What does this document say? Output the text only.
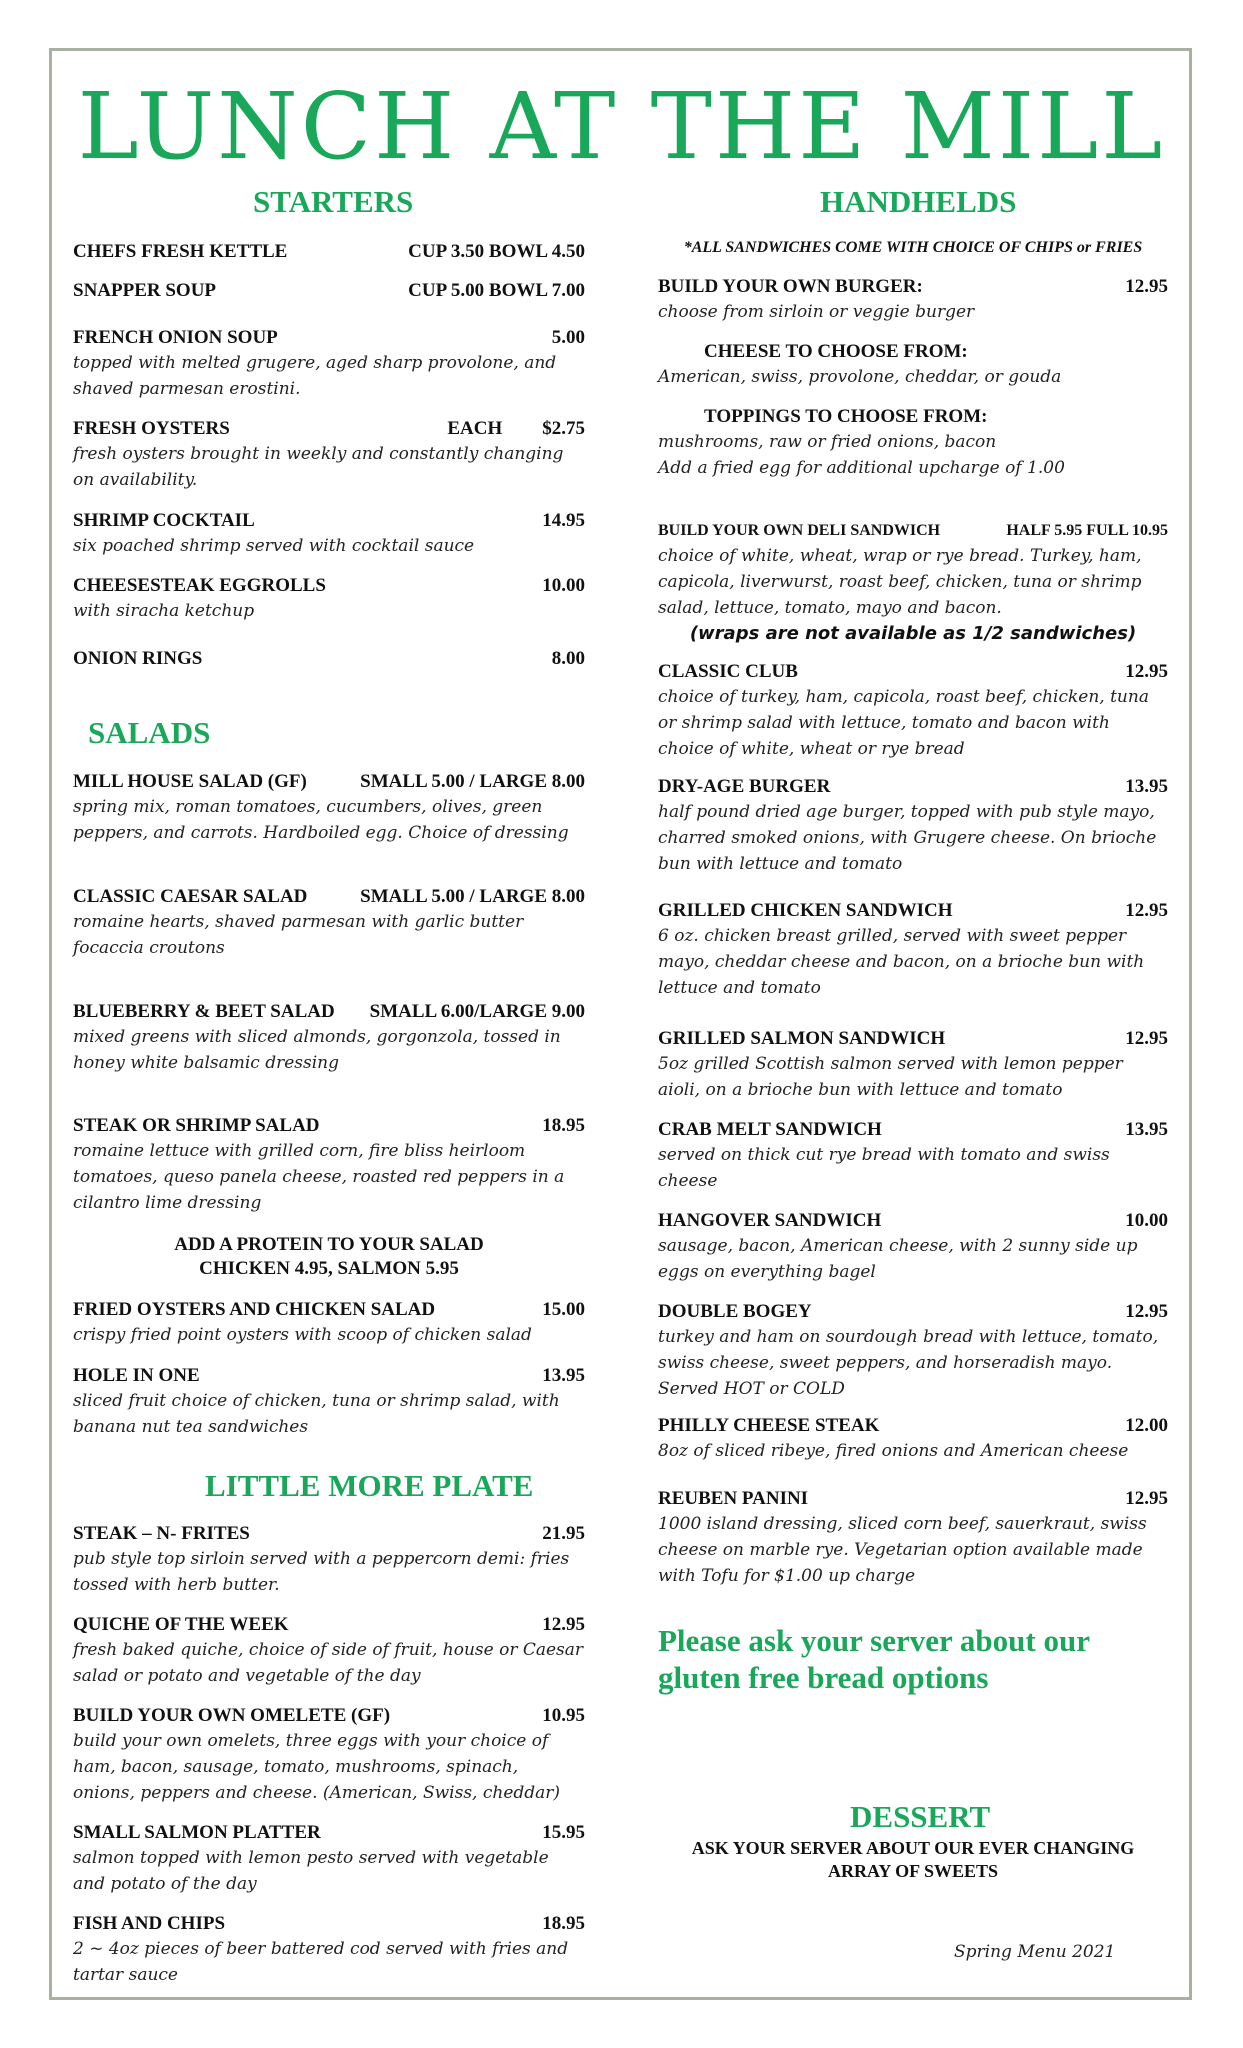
LUNCH AT THE MILL
STARTERS
CHEFS FRESH KETTLE	CUP 3.50 BOWL 4.50
SNAPPER SOUP	CUP 5.00 BOWL 7.00
FRENCH ONION SOUP	5.00
topped with melted grugere, aged sharp provolone, and shaved parmesan erostini.
FRESH OYSTERS	EACH $2.75
fresh oysters brought in weekly and constantly changing on availability.
SHRIMP COCKTAIL	14.95
six poached shrimp served with cocktail sauce
CHEESESTEAK EGGROLLS	10.00
with siracha ketchup
ONION RINGS	8.00
SALADS
MILL HOUSE SALAD (GF)	SMALL 5.00 / LARGE 8.00
spring mix, roman tomatoes, cucumbers, olives, green peppers, and carrots. Hardboiled egg. Choice of dressing
CLASSIC CAESAR SALAD	SMALL 5.00 / LARGE 8.00
romaine hearts, shaved parmesan with garlic butter focaccia croutons
BLUEBERRY & BEET SALAD SMALL 6.00/LARGE 9.00
mixed greens with sliced almonds, gorgonzola, tossed in honey white balsamic dressing
STEAK OR SHRIMP SALAD	18.95
romaine lettuce with grilled corn, fire bliss heirloom tomatoes, queso panela cheese, roasted red peppers in a cilantro lime dressing
ADD A PROTEIN TO YOUR SALAD
CHICKEN 4.95, SALMON 5.95
FRIED OYSTERS AND CHICKEN SALAD	15.00
crispy fried point oysters with scoop of chicken salad
HOLE IN ONE	13.95
sliced fruit choice of chicken, tuna or shrimp salad, with banana nut tea sandwiches
LITTLE MORE PLATE
STEAK – N- FRITES	21.95
pub style top sirloin served with a peppercorn demi: fries tossed with herb butter.
QUICHE OF THE WEEK	12.95
fresh baked quiche, choice of side of fruit, house or Caesar salad or potato and vegetable of the day
BUILD YOUR OWN OMELETE (GF)	10.95
build your own omelets, three eggs with your choice of ham, bacon, sausage, tomato, mushrooms, spinach, onions, peppers and cheese. (American, Swiss, cheddar)
SMALL SALMON PLATTER	15.95
salmon topped with lemon pesto served with vegetable and potato of the day
FISH AND CHIPS	18.95
2 ~ 4oz pieces of beer battered cod served with fries and tartar sauce
HANDHELDS
*ALL SANDWICHES COME WITH CHOICE OF CHIPS or FRIES
BUILD YOUR OWN BURGER:	12.95
choose from sirloin or veggie burger
CHEESE TO CHOOSE FROM:
American, swiss, provolone, cheddar, or gouda
TOPPINGS TO CHOOSE FROM:
mushrooms, raw or fried onions, bacon
Add a fried egg for additional upcharge of 1.00
BUILD YOUR OWN DELI SANDWICH	HALF 5.95 FULL 10.95
choice of white, wheat, wrap or rye bread. Turkey, ham, capicola, liverwurst, roast beef, chicken, tuna or shrimp salad, lettuce, tomato, mayo and bacon.
(wraps are not available as 1/2 sandwiches)
CLASSIC CLUB	12.95
choice of turkey, ham, capicola, roast beef, chicken, tuna or shrimp salad with lettuce, tomato and bacon with choice of white, wheat or rye bread
DRY-AGE BURGER	13.95
half pound dried age burger, topped with pub style mayo, charred smoked onions, with Grugere cheese. On brioche bun with lettuce and tomato
GRILLED CHICKEN SANDWICH	12.95
6 oz. chicken breast grilled, served with sweet pepper mayo, cheddar cheese and bacon, on a brioche bun with lettuce and tomato
GRILLED SALMON SANDWICH	12.95
5oz grilled Scottish salmon served with lemon pepper aioli, on a brioche bun with lettuce and tomato
CRAB MELT SANDWICH	13.95
served on thick cut rye bread with tomato and swiss cheese
HANGOVER SANDWICH	10.00
sausage, bacon, American cheese, with 2 sunny side up eggs on everything bagel
DOUBLE BOGEY	12.95
turkey and ham on sourdough bread with lettuce, tomato, swiss cheese, sweet peppers, and horseradish mayo. Served HOT or COLD
PHILLY CHEESE STEAK	12.00
8oz of sliced ribeye, fired onions and American cheese
REUBEN PANINI	12.95
1000 island dressing, sliced corn beef, sauerkraut, swiss cheese on marble rye. Vegetarian option available made with Tofu for $1.00 up charge
Please ask your server about our gluten free bread options
DESSERT
ASK YOUR SERVER ABOUT OUR EVER CHANGING
ARRAY OF SWEETS
Spring Menu 2021
